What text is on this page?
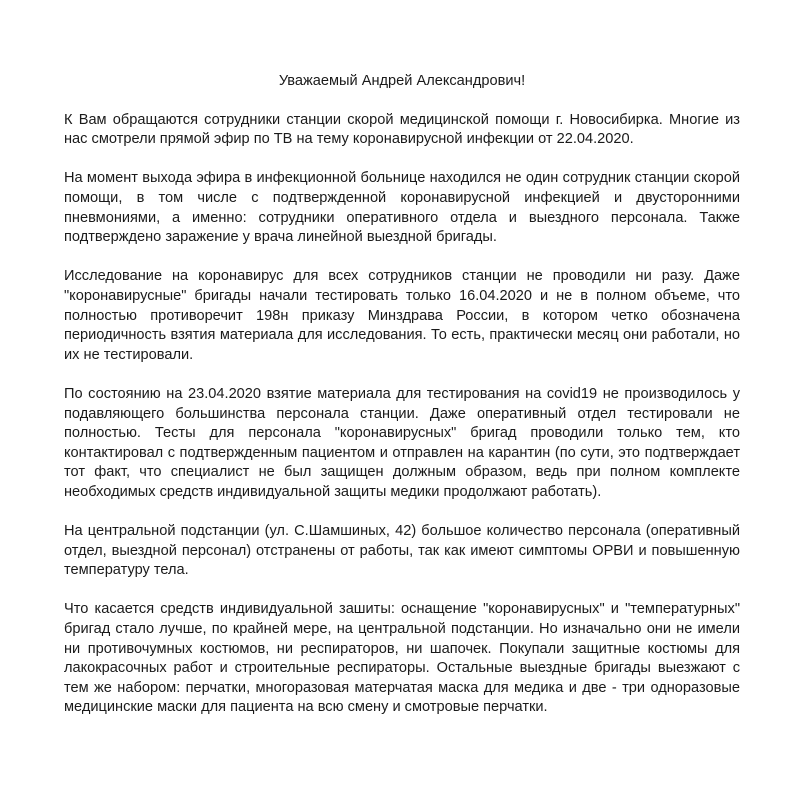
Уважаемый Андрей Александрович!

К Вам обращаются сотрудники станции скорой медицинской помощи г. Новосибирка. Многие из нас смотрели прямой эфир по ТВ на тему коронавирусной инфекции от 22.04.2020.

На момент выхода эфира в инфекционной больнице находился не один сотрудник станции скорой помощи, в том числе с подтвержденной коронавирусной инфекцией и двусторонними пневмониями, а именно: сотрудники оперативного отдела и выездного персонала. Также подтверждено заражение у врача линейной выездной бригады.

Исследование на коронавирус для всех сотрудников станции не проводили ни разу. Даже "коронавирусные" бригады начали тестировать только 16.04.2020 и не в полном объеме, что полностью противоречит 198н приказу Минздрава России, в котором четко обозначена периодичность взятия материала для исследования. То есть, практически месяц они работали, но их не тестировали.

По состоянию на 23.04.2020 взятие материала для тестирования на covid19 не производилось у подавляющего большинства персонала станции. Даже оперативный отдел тестировали не полностью. Тесты для персонала "коронавирусных" бригад проводили только тем, кто контактировал с подтвержденным пациентом и отправлен на карантин (по сути, это подтверждает тот факт, что специалист не был защищен должным образом, ведь при полном комплекте необходимых средств индивидуальной защиты медики продолжают работать).

На центральной подстанции (ул. С.Шамшиных, 42) большое количество персонала (оперативный отдел, выездной персонал) отстранены от работы, так как имеют симптомы ОРВИ и повышенную температуру тела.

Что касается средств индивидуальной зашиты: оснащение "коронавирусных" и "температурных" бригад стало лучше, по крайней мере, на центральной подстанции. Но изначально они не имели ни противочумных костюмов, ни респираторов, ни шапочек. Покупали защитные костюмы для лакокрасочных работ и строительные респираторы. Остальные выездные бригады выезжают с тем же набором: перчатки, многоразовая матерчатая маска для медика и две - три одноразовые медицинские маски для пациента на всю смену и смотровые перчатки.
